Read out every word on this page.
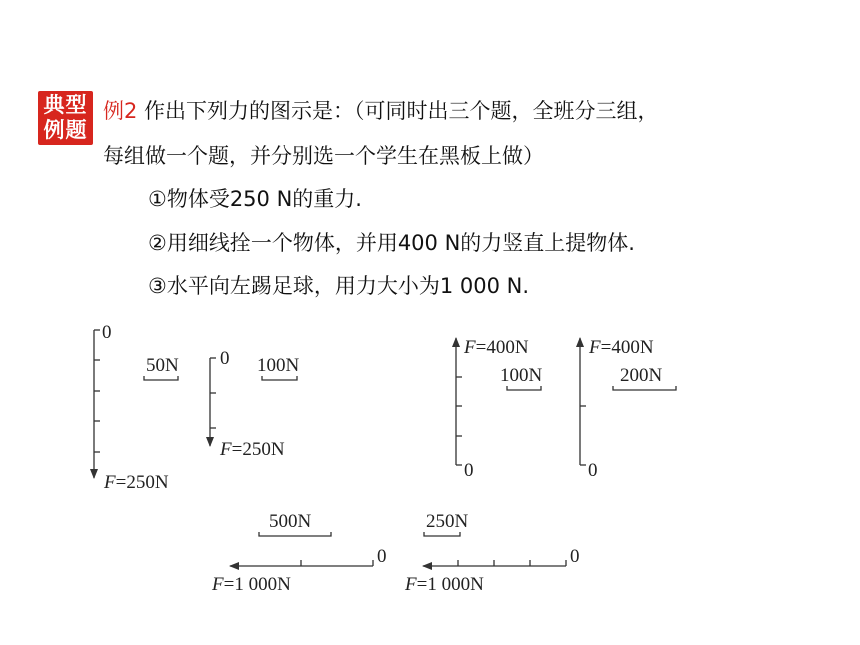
典型
例题
例2 作出下列力的图示是：（可同时出三个题，全班分三组，
每组做一个题，并分别选一个学生在黑板上做）
①物体受250 N的重力.
②用细线拴一个物体，并用400 N的力竖直上提物体.
③水平向左踢足球，用力大小为1 000 N.
0
50N
F=250N
0 100N
F=250N
0
100N
F=400N
0
200N
F=400N
0
500N
F=1 000N
0
250N
F=1 000N
